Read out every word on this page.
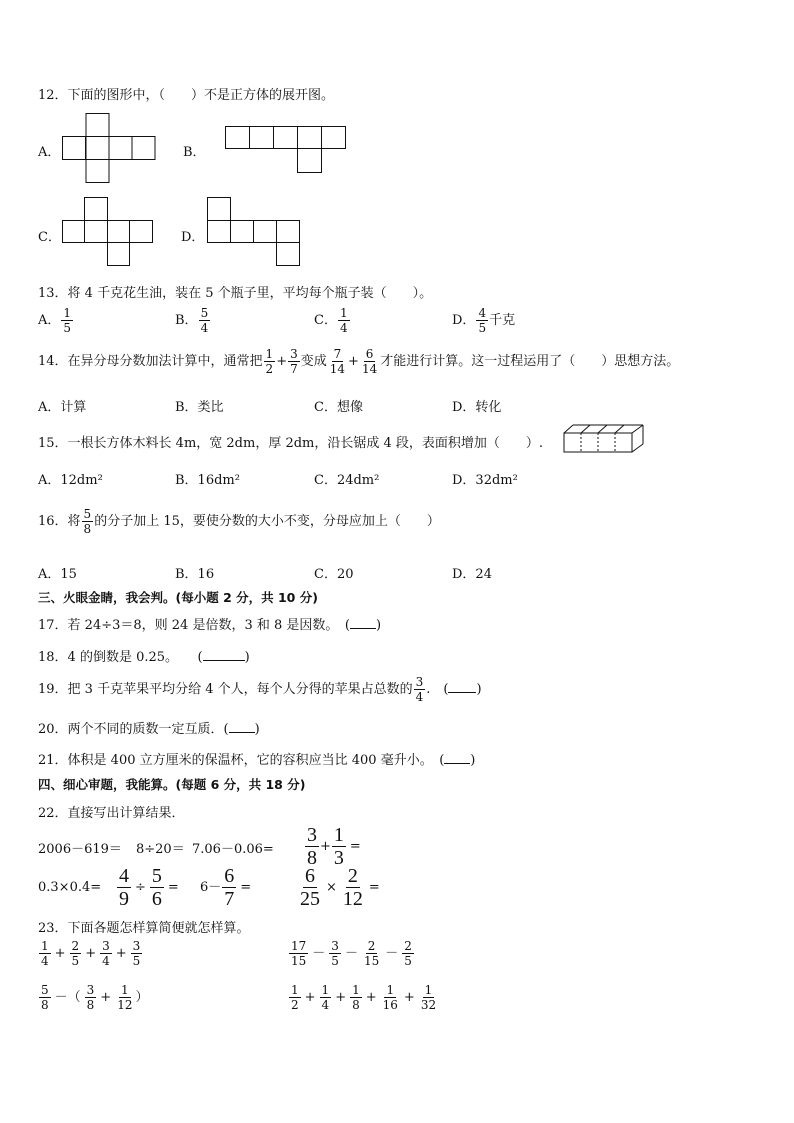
12．下面的图形中，（　　）不是正方体的展开图。
A．	B．
C．	D．
13．将 4 千克花生油，装在 5 个瓶子里，平均每个瓶子装（　　）。
A． $\frac{1}{5}$	B． $\frac{5}{4}$	C． $\frac{1}{4}$	D． $\frac{4}{5}$ 千克
14．在异分母分数加法计算中，通常把 $\frac{1}{2} + \frac{3}{7}$ 变成 $\frac{7}{14} + \frac{6}{14}$ 才能进行计算。这一过程运用了（　　）思想方法。
A．计算	B．类比	C．想像	D．转化
15．一根长方体木料长 4m，宽 2dm，厚 2dm，沿长锯成 4 段，表面积增加（　　）.
A．12dm²	B．16dm²	C．24dm²	D．32dm²
16．将 $\frac{5}{8}$ 的分子加上 15，要使分数的大小不变，分母应加上（　　）
A．15	B．16	C．20	D．24
三、火眼金睛，我会判。(每小题 2 分，共 10 分)
17．若 24÷3＝8，则 24 是倍数，3 和 8 是因数。　( )
18．4 的倒数是 0.25。　　(	)
19．把 3 千克苹果平均分给 4 个人，每个人分得的苹果占总数的 $\frac{3}{4}$ .　( )
20．两个不同的质数一定互质．( )
21．体积是 400 立方厘米的保温杯，它的容积应当比 400 毫升小。　( )
四、细心审题，我能算。(每题 6 分，共 18 分)
22．直接写出计算结果．
$2006-619= 8\div 20= 7.06-0.06= \frac{3}{8} + \frac{1}{3}$ =
$0.3\times 0.4= \frac{4}{9} \div \frac{5}{6} = 6- \frac{6}{7} = \frac{6}{25} \times \frac{2}{12}$ =
23．下面各题怎样算简便就怎样算。
$\frac{1}{4} + \frac{2}{5} + \frac{3}{4} + \frac{3}{5}$	$\frac{17}{15} - \frac{3}{5} - \frac{2}{15} - \frac{2}{5}$
$\frac{5}{8}$ －（ $\frac{3}{8} + \frac{1}{12}$ ）	$\frac{1}{2} + \frac{1}{4} + \frac{1}{8} + \frac{1}{16} + \frac{1}{32}$
